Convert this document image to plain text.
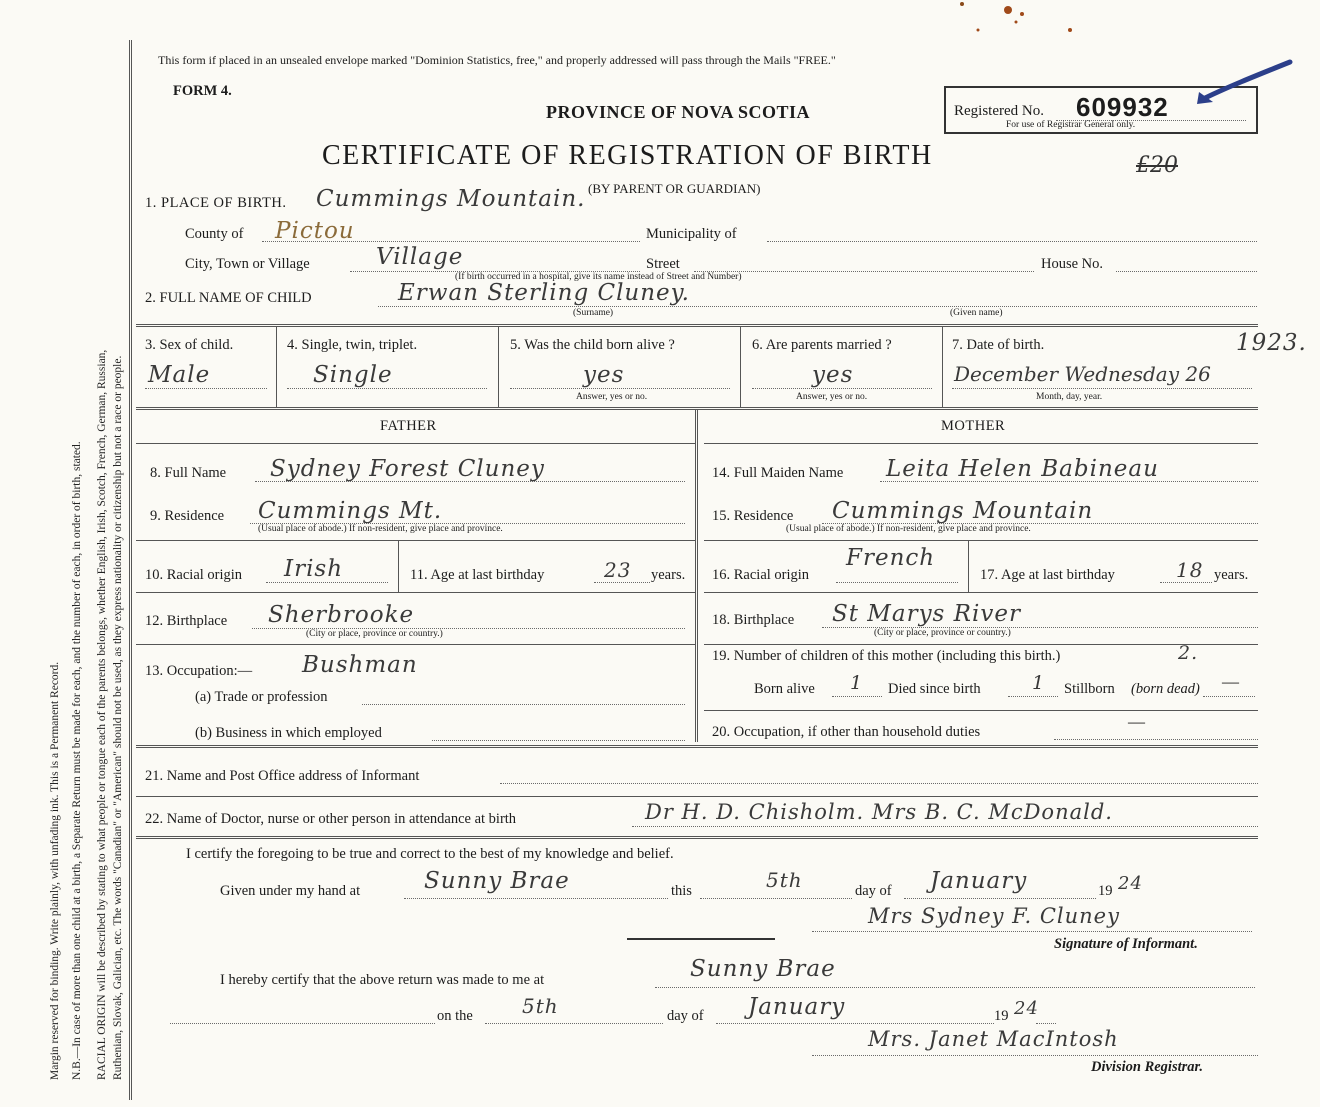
Margin reserved for binding. Write plainly, with unfading ink. This is a Permanent Record. N.B.—In case of more than one child at a birth, a Separate Return must be made for each, and the number of each, in order of birth, stated. RACIAL ORIGIN will be described by stating to what people or tongue each of the parents belongs, whether English, Irish, Scotch, French, German, Russian, Ruthenian, Slovak, Galician, etc. The words "Canadian" or "American" should not be used, as they express nationality or citizenship but not a race or people.
This form if placed in an unsealed envelope marked "Dominion Statistics, free," and properly addressed will pass through the Mails "FREE."
FORM 4.
PROVINCE OF NOVA SCOTIA	Registered No. 609932
For use of Registrar General only.
CERTIFICATE OF REGISTRATION OF BIRTH
(BY PARENT OR GUARDIAN)
£20
1. PLACE OF BIRTH. Cummings Mountain.
County of Pictou	Municipality of
City, Town or Village	Village	Street	House No.
(If birth occurred in a hospital, give its name instead of Street and Number)
2. FULL NAME OF CHILD	Erwan Sterling Cluney.
(Surname)	(Given name)
3. Sex of child.
Male
4. Single, twin, triplet.
Single
5. Was the child born alive ?
yes
Answer, yes or no.
6. Are parents married ?
yes
Answer, yes or no.
7. Date of birth.	1923.
December Wednesday 26
Month, day, year.
FATHER	MOTHER
8. Full Name Sydney Forest Cluney
9. Residence Cummings Mt.
(Usual place of abode.) If non-resident, give place and province.
10. Racial origin Irish	11. Age at last birthday	23 years.
12. Birthplace Sherbrooke
(City or place, province or country.)
13. Occupation:— Bushman
(a) Trade or profession
(b) Business in which employed
14. Full Maiden Name Leita Helen Babineau
15. Residence Cummings Mountain
(Usual place of abode.) If non-resident, give place and province.
16. Racial origin
French
17. Age at last birthday	18 years.
18. Birthplace St Marys River
(City or place, province or country.)
19. Number of children of this mother (including this birth.)	2.
Born alive 1 Died since birth	1 Stillborn (born dead) —
20. Occupation, if other than household duties
—
21. Name and Post Office address of Informant
22. Name of Doctor, nurse or other person in attendance at birth	Dr H. D. Chisholm. Mrs B. C. McDonald.
I certify the foregoing to be true and correct to the best of my knowledge and belief.
Given under my hand at	Sunny Brae	this	5th	day of January	19 24
Mrs Sydney F. Cluney
Signature of Informant.
I hereby certify that the above return was made to me at	Sunny Brae
on the 5th	day of January	19 24
Mrs. Janet MacIntosh
Division Registrar.
